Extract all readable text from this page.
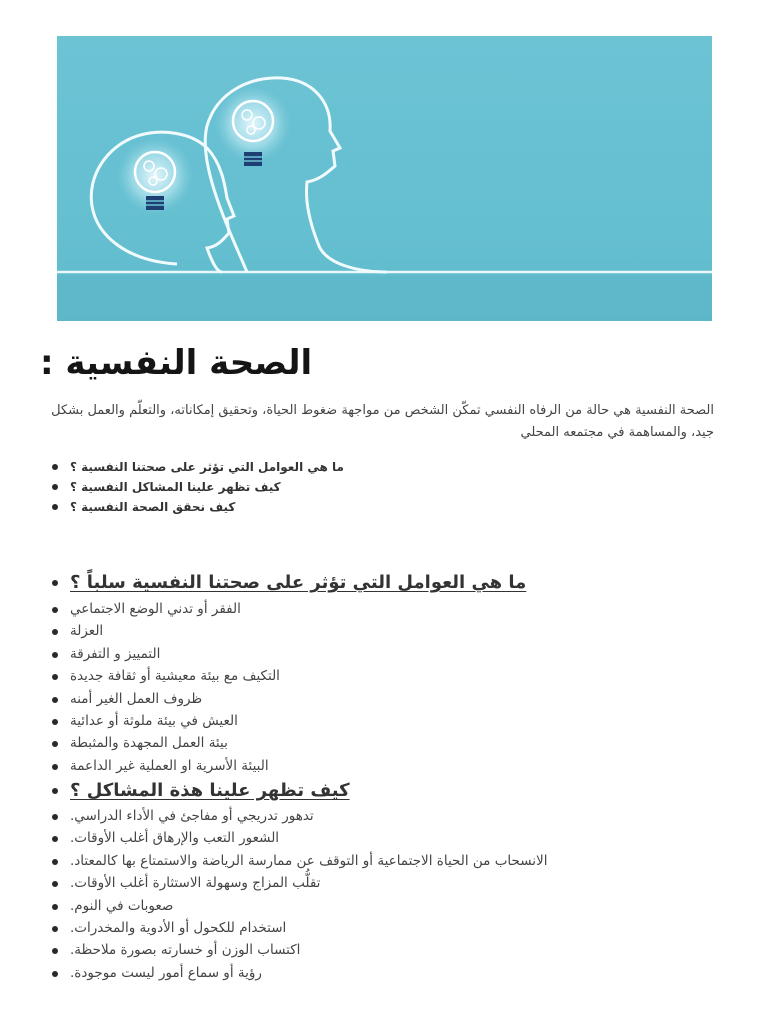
الصحة النفسية :

الصحة النفسية هي حالة من الرفاه النفسي تمكّن الشخص من مواجهة ضغوط الحياة، وتحقيق إمكاناته، والتعلّم والعمل بشكل جيد، والمساهمة في مجتمعه المحلي

ما هي العوامل التي تؤثر على صحتنا النفسية ؟
كيف تظهر علينا المشاكل النفسية ؟
كيف نحقق الصحة النفسية ؟
ما هي العوامل التي تؤثر على صحتنا النفسية سلباً ؟
الفقر أو تدني الوضع الاجتماعي
العزلة
التمييز و التفرقة
التكيف مع بيئة معيشية أو ثقافة جديدة
ظروف العمل الغير أمنه
العيش في بيئة ملوثة أو عدائية
بيئة العمل المجهدة والمثبطة
البيئة الأسرية او العملية غير الداعمة
كيف تظهر علينا هذة المشاكل ؟
تدهور تدريجي أو مفاجئ في الأداء الدراسي.
الشعور التعب والإرهاق أغلب الأوقات.
الانسحاب من الحياة الاجتماعية أو التوقف عن ممارسة الرياضة والاستمتاع بها كالمعتاد.
تقلُّب المزاج وسهولة الاستثارة أغلب الأوقات.
صعوبات في النوم.
استخدام للكحول أو الأدوية والمخدرات.
اكتساب الوزن أو خسارته بصورة ملاحظة.
رؤية أو سماع أمور ليست موجودة.
